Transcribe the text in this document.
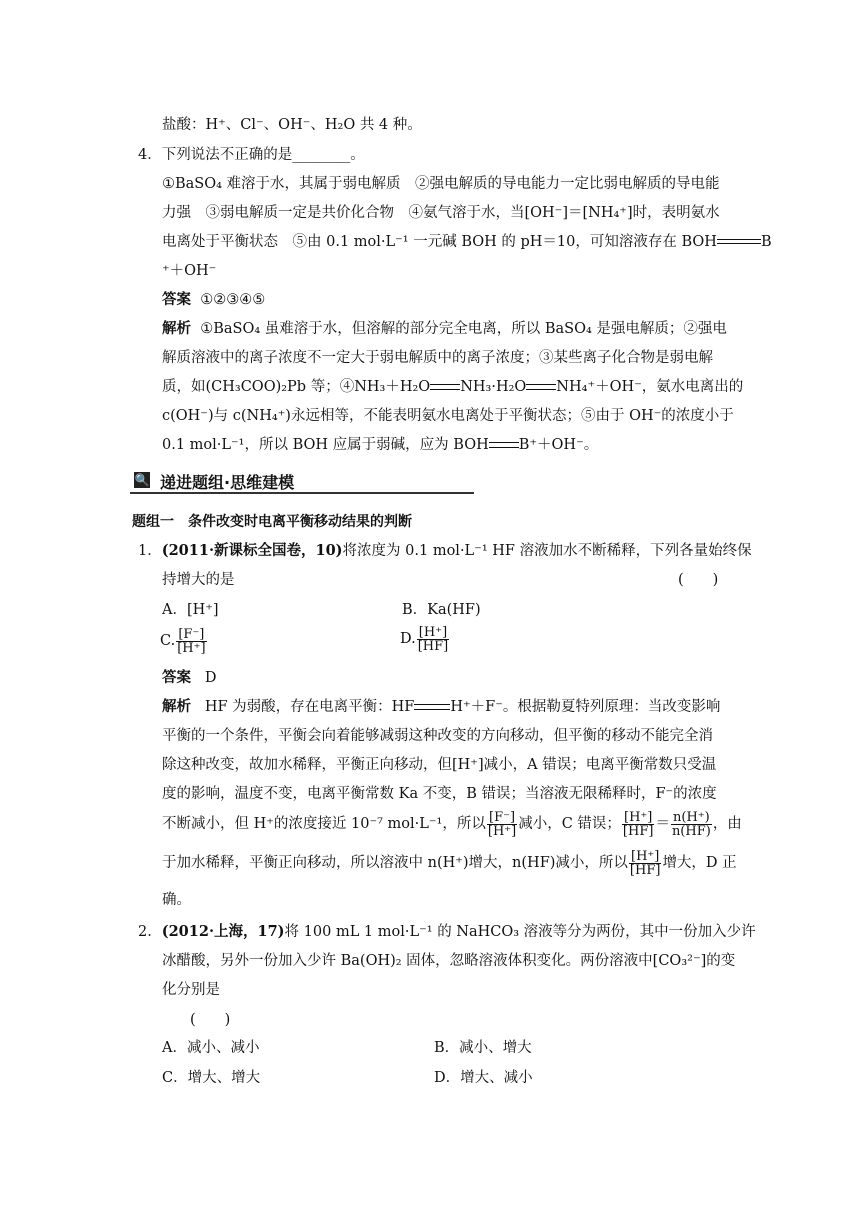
盐酸：H⁺、Cl⁻、OH⁻、H₂O 共 4 种。
4．下列说法不正确的是________。
①BaSO₄ 难溶于水，其属于弱电解质　②强电解质的导电能力一定比弱电解质的导电能
力强　③弱电解质一定是共价化合物　④氨气溶于水，当[OH⁻]＝[NH₄⁺]时，表明氨水
电离处于平衡状态　⑤由 0.1 mol·L⁻¹ 一元碱 BOH 的 pH＝10，可知溶液存在 BOH	B
⁺＋OH⁻
答案 ①②③④⑤
解析 ①BaSO₄ 虽难溶于水，但溶解的部分完全电离，所以 BaSO₄ 是强电解质；②强电
解质溶液中的离子浓度不一定大于弱电解质中的离子浓度；③某些离子化合物是弱电解
质，如(CH₃COO)₂Pb 等；④NH₃＋H₂O NH₃·H₂O NH₄⁺＋OH⁻，氨水电离出的
c(OH⁻)与 c(NH₄⁺)永远相等，不能表明氨水电离处于平衡状态；⑤由于 OH⁻的浓度小于
0.1 mol·L⁻¹，所以 BOH 应属于弱碱，应为 BOH B⁺＋OH⁻。
🔍 递进题组·思维建模
题组一　条件改变时电离平衡移动结果的判断
1．(2011·新课标全国卷，10)将浓度为 0.1 mol·L⁻¹ HF 溶液加水不断稀释，下列各量始终保
持增大的是	(　　)
A．[H⁺]	B．Ka(HF)
C. $\frac{[F^-]}{[H^+]}$	D. $\frac{[H^+]}{[HF]}$
答案 D
解析 HF 为弱酸，存在电离平衡：HF H⁺＋F⁻。根据勒夏特列原理：当改变影响
平衡的一个条件，平衡会向着能够减弱这种改变的方向移动，但平衡的移动不能完全消
除这种改变，故加水稀释，平衡正向移动，但[H⁺]减小，A 错误；电离平衡常数只受温
度的影响，温度不变，电离平衡常数 Ka 不变，B 错误；当溶液无限稀释时，F⁻的浓度
不断减小，但 H⁺的浓度接近 10⁻⁷ mol·L⁻¹，所以 $\frac{[F^-]}{[H^+]}$ 减小，C 错误； $\frac{[H^+]}{[HF]} = \frac{n(H^+)}{n(HF)}$ ，由
于加水稀释，平衡正向移动，所以溶液中 n(H⁺)增大，n(HF)减小，所以 $\frac{[H^+]}{[HF]}$ 增大，D 正
确。
2．(2012·上海，17)将 100 mL 1 mol·L⁻¹ 的 NaHCO₃ 溶液等分为两份，其中一份加入少许
冰醋酸，另外一份加入少许 Ba(OH)₂ 固体，忽略溶液体积变化。两份溶液中[CO₃²⁻]的变
化分别是
(　　)
A．减小、减小	B．减小、增大
C．增大、增大	D．增大、减小
